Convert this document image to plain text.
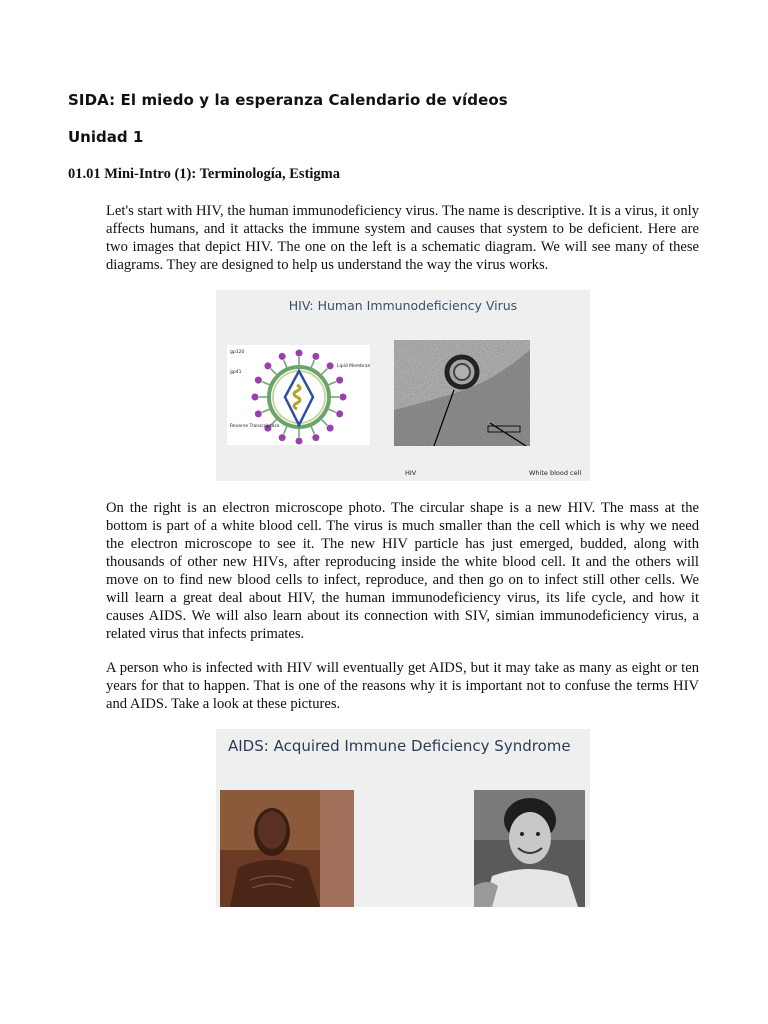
SIDA: El miedo y la esperanza Calendario de vídeos
Unidad 1
01.01 Mini-Intro (1): Terminología, Estigma

Let's start with HIV, the human immunodeficiency virus. The name is descriptive. It is a virus, it only affects humans, and it attacks the immune system and causes that system to be deficient. Here are two images that depict HIV. The one on the left is a schematic diagram. We will see many of these diagrams. They are designed to help us understand the way the virus works.

HIV: Human Immunodeficiency Virus
gp120
gp41
Lipid Membrane
Reverse Transcriptase
HIV	White blood cell

On the right is an electron microscope photo. The circular shape is a new HIV. The mass at the bottom is part of a white blood cell. The virus is much smaller than the cell which is why we need the electron microscope to see it. The new HIV particle has just emerged, budded, along with thousands of other new HIVs, after reproducing inside the white blood cell. It and the others will move on to find new blood cells to infect, reproduce, and then go on to infect still other cells. We will learn a great deal about HIV, the human immunodeficiency virus, its life cycle, and how it causes AIDS. We will also learn about its connection with SIV, simian immunodeficiency virus, a related virus that infects primates.

A person who is infected with HIV will eventually get AIDS, but it may take as many as eight or ten years for that to happen. That is one of the reasons why it is important not to confuse the terms HIV and AIDS. Take a look at these pictures.

AIDS: Acquired Immune Deficiency Syndrome
